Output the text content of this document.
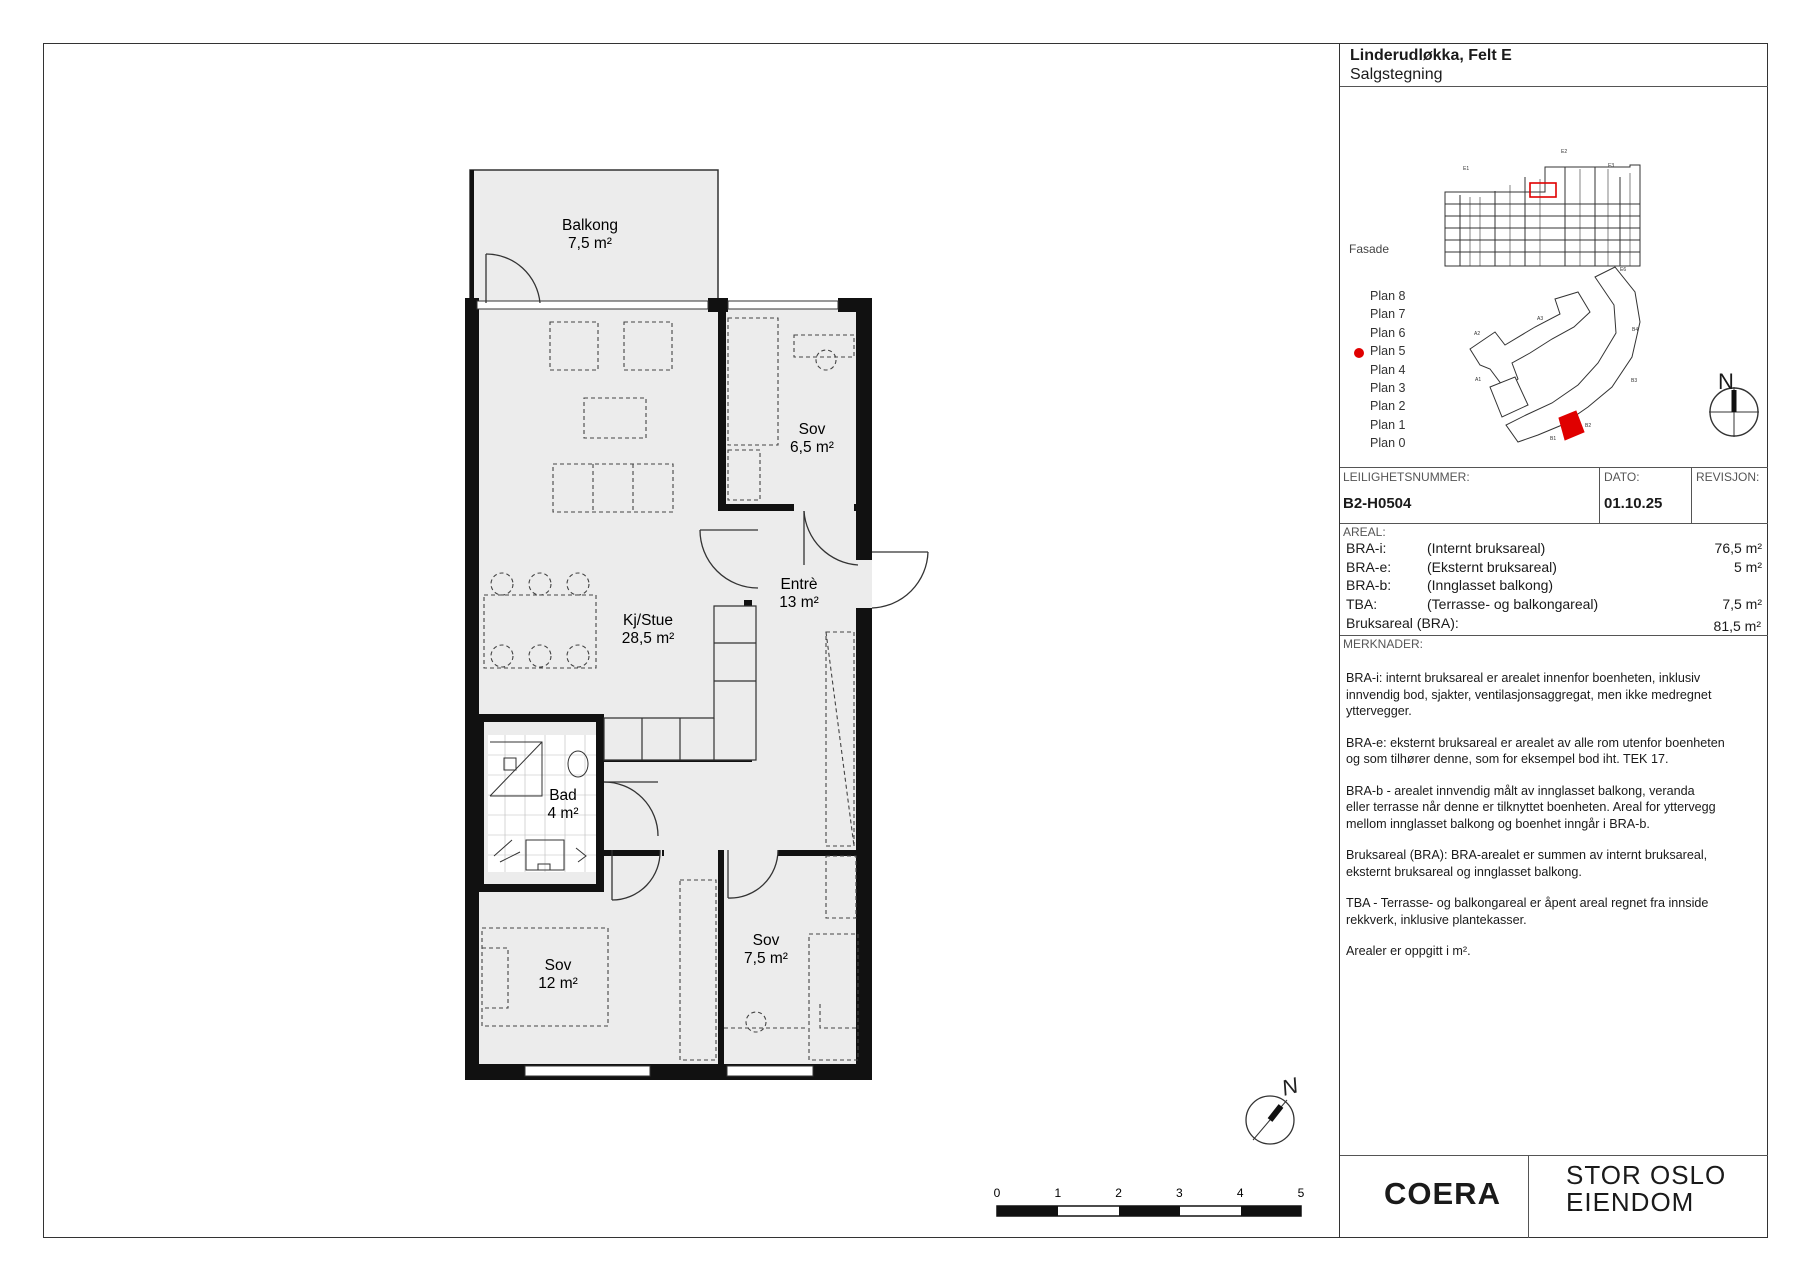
N
0	1	2	3	4	5
Balkong
7,5 m²
Sov
6,5 m²
Entrè
13 m²
Kj/Stue
28,5 m²
Bad
4 m²
Sov
12 m²
Sov
7,5 m²
Linderudløkka, Felt E
Salgstegning
E1
E2
E3
A3
A2
A1
E6
B4
B3
B2
B1
Fasade
N
Plan 8
Plan 7
Plan 6
Plan 5
Plan 4
Plan 3
Plan 2
Plan 1
Plan 0
LEILIGHETSNUMMER:
B2-H0504
DATO:
01.10.25
REVISJON:
AREAL:
BRA-i:	(Internt bruksareal)	76,5 m²
BRA-e:	(Eksternt bruksareal)	5 m²
BRA-b:	(Innglasset balkong)
TBA:	(Terrasse- og balkongareal)	7,5 m²
Bruksareal (BRA):	81,5 m²
MERKNADER:
BRA-i: internt bruksareal er arealet innenfor boenheten, inklusiv
innvendig bod, sjakter, ventilasjonsaggregat, men ikke medregnet
yttervegger.
BRA-e: eksternt bruksareal er arealet av alle rom utenfor boenheten
og som tilhører denne, som for eksempel bod iht. TEK 17.
BRA-b - arealet innvendig målt av innglasset balkong, veranda
eller terrasse når denne er tilknyttet boenheten. Areal for yttervegg
mellom innglasset balkong og boenhet inngår i BRA-b.
Bruksareal (BRA): BRA-arealet er summen av internt bruksareal,
eksternt bruksareal og innglasset balkong.
TBA - Terrasse- og balkongareal er åpent areal regnet fra innside
rekkverk, inklusive plantekasser.
Arealer er oppgitt i m².
COERA
STOR OSLO
EIENDOM
